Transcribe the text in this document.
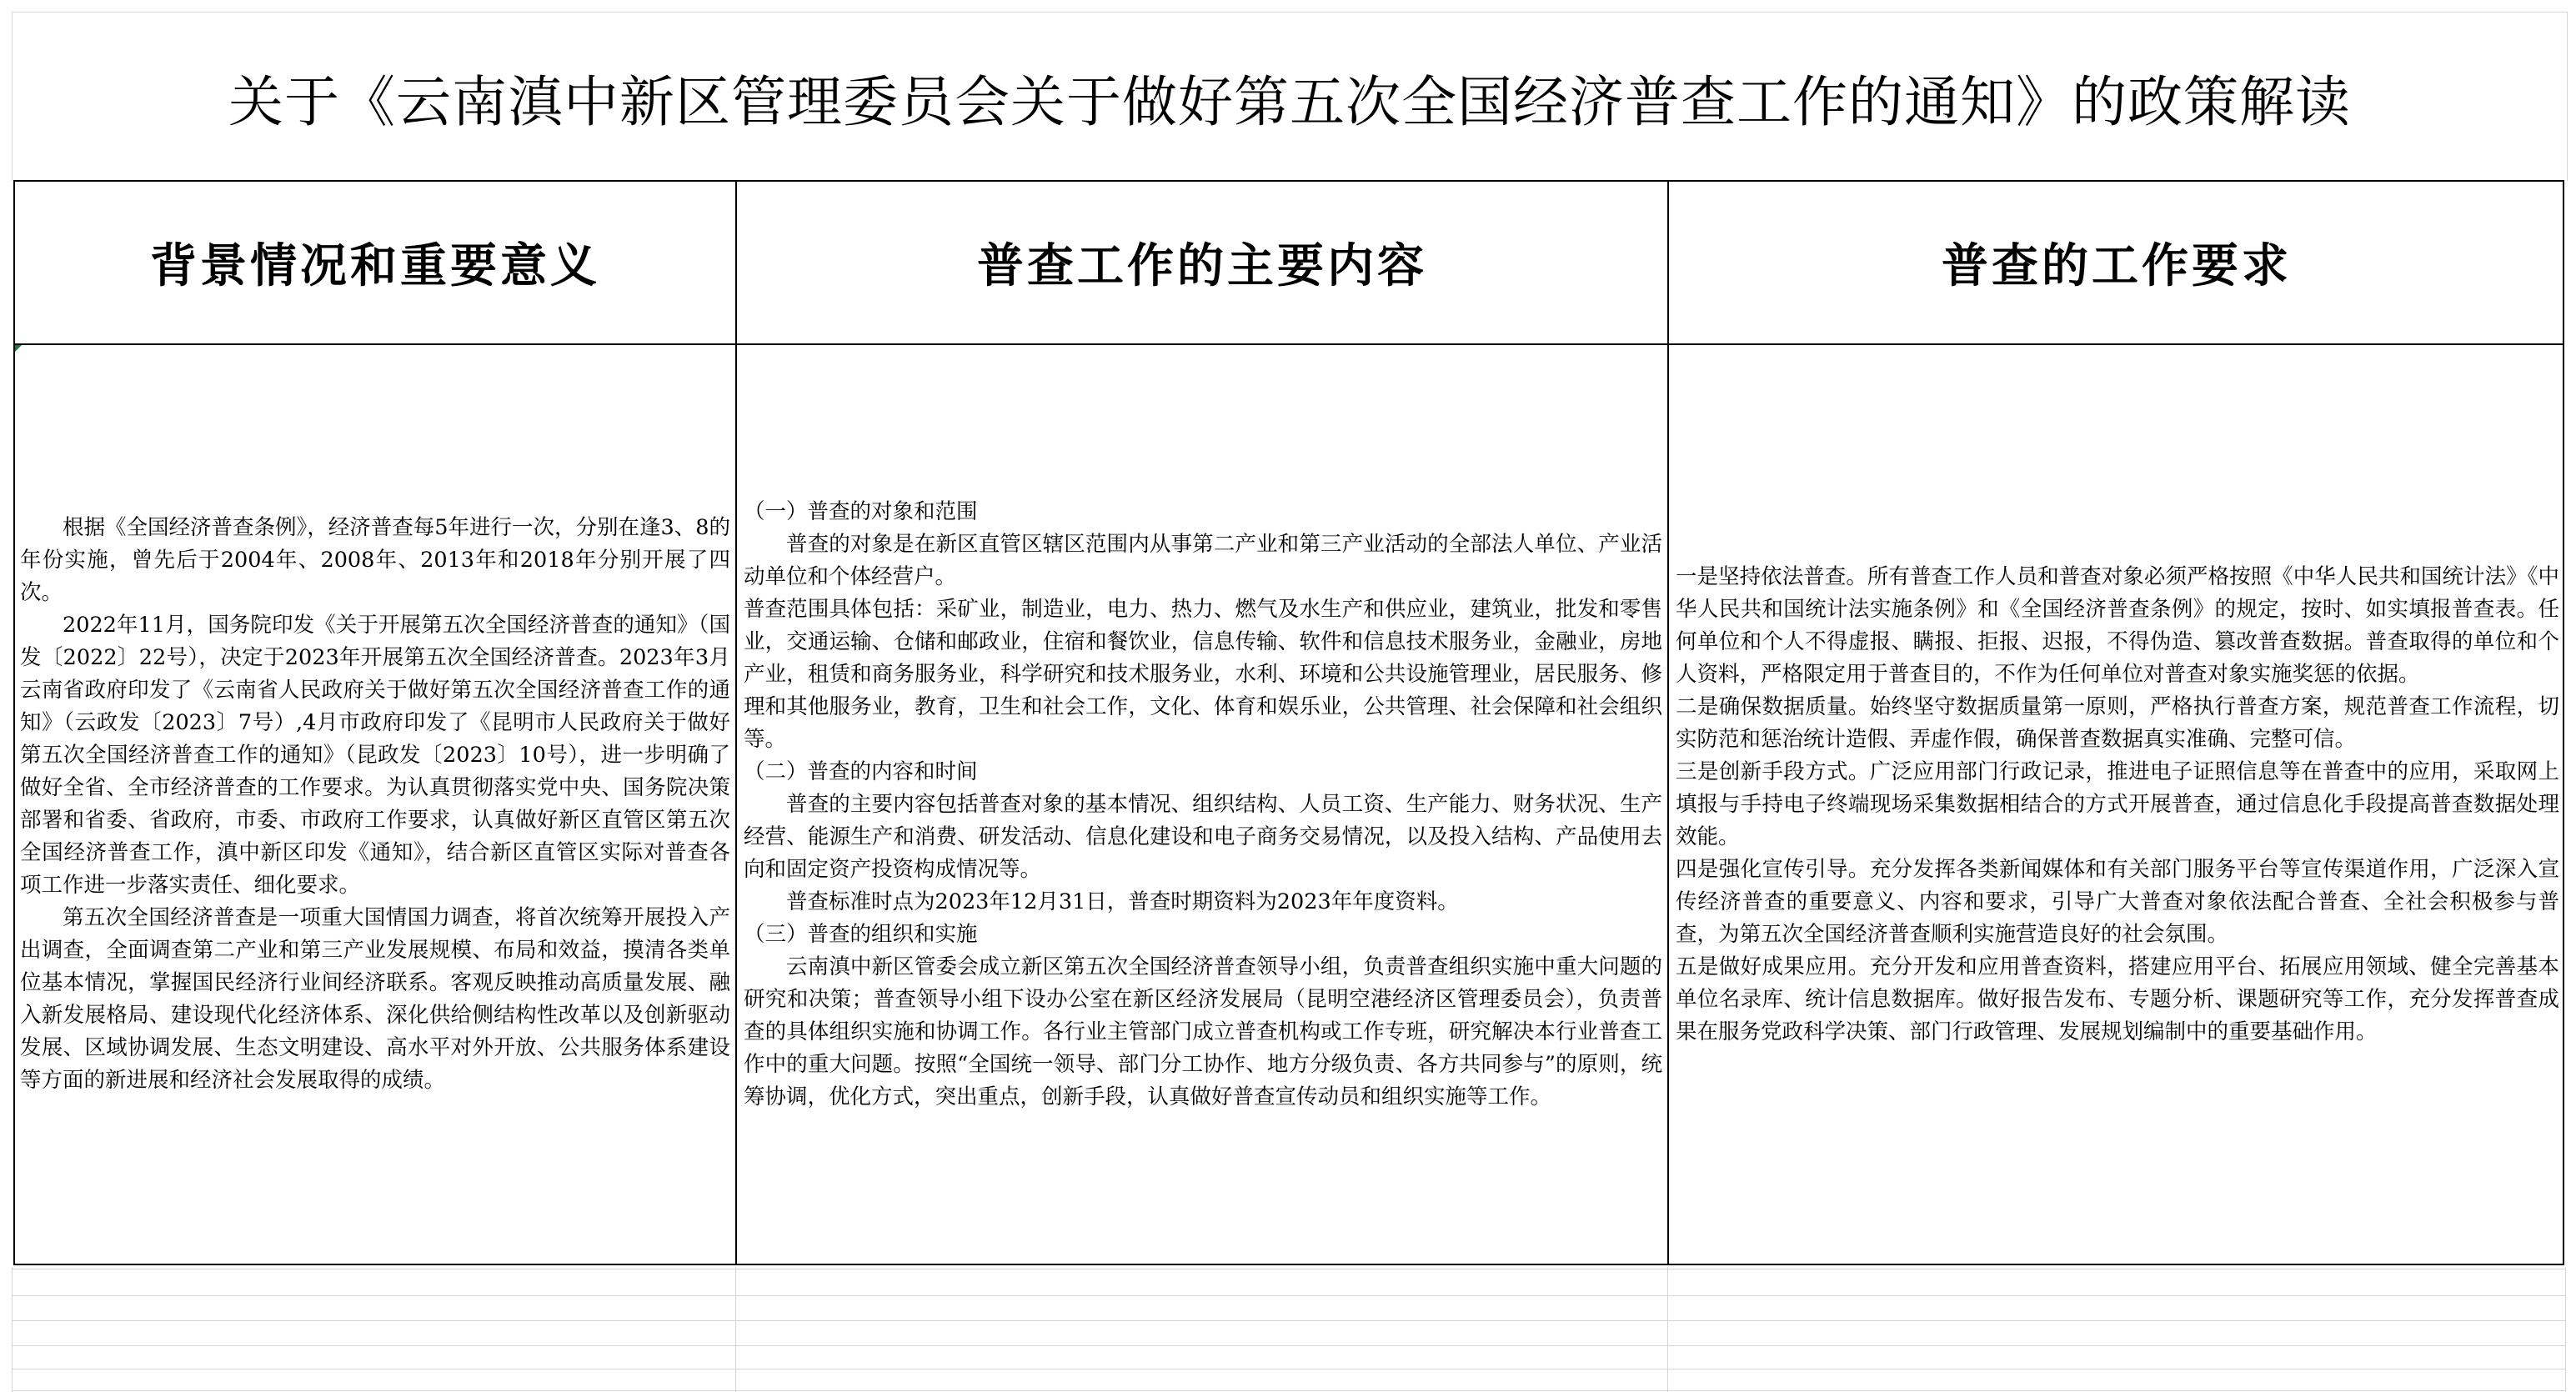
关于《云南滇中新区管理委员会关于做好第五次全国经济普查工作的通知》的政策解读
背景情况和重要意义

根据《全国经济普查条例》，经济普查每5年进行一次，分别在逢3、8的年份实施，曾先后于2004年、2008年、2013年和2018年分别开展了四次。

2022年11月，国务院印发《关于开展第五次全国经济普查的通知》（国发〔2022〕22号），决定于2023年开展第五次全国经济普查。2023年3月云南省政府印发了《云南省人民政府关于做好第五次全国经济普查工作的通知》（云政发〔2023〕7号）,4月市政府印发了《昆明市人民政府关于做好第五次全国经济普查工作的通知》（昆政发〔2023〕10号），进一步明确了做好全省、全市经济普查的工作要求。为认真贯彻落实党中央、国务院决策部署和省委、省政府，市委、市政府工作要求，认真做好新区直管区第五次全国经济普查工作，滇中新区印发《通知》，结合新区直管区实际对普查各项工作进一步落实责任、细化要求。

第五次全国经济普查是一项重大国情国力调查，将首次统筹开展投入产出调查，全面调查第二产业和第三产业发展规模、布局和效益，摸清各类单位基本情况，掌握国民经济行业间经济联系。客观反映推动高质量发展、融入新发展格局、建设现代化经济体系、深化供给侧结构性改革以及创新驱动发展、区域协调发展、生态文明建设、高水平对外开放、公共服务体系建设等方面的新进展和经济社会发展取得的成绩。

普查工作的主要内容

（一）普查的对象和范围

普查的对象是在新区直管区辖区范围内从事第二产业和第三产业活动的全部法人单位、产业活动单位和个体经营户。

普查范围具体包括：采矿业，制造业，电力、热力、燃气及水生产和供应业，建筑业，批发和零售业，交通运输、仓储和邮政业，住宿和餐饮业，信息传输、软件和信息技术服务业，金融业，房地产业，租赁和商务服务业，科学研究和技术服务业，水利、环境和公共设施管理业，居民服务、修理和其他服务业，教育，卫生和社会工作，文化、体育和娱乐业，公共管理、社会保障和社会组织等。

（二）普查的内容和时间

普查的主要内容包括普查对象的基本情况、组织结构、人员工资、生产能力、财务状况、生产经营、能源生产和消费、研发活动、信息化建设和电子商务交易情况，以及投入结构、产品使用去向和固定资产投资构成情况等。

普查标准时点为2023年12月31日，普查时期资料为2023年年度资料。

（三）普查的组织和实施

云南滇中新区管委会成立新区第五次全国经济普查领导小组，负责普查组织实施中重大问题的研究和决策；普查领导小组下设办公室在新区经济发展局（昆明空港经济区管理委员会），负责普查的具体组织实施和协调工作。各行业主管部门成立普查机构或工作专班，研究解决本行业普查工作中的重大问题。按照“全国统一领导、部门分工协作、地方分级负责、各方共同参与”的原则，统筹协调，优化方式，突出重点，创新手段，认真做好普查宣传动员和组织实施等工作。

普查的工作要求

一是坚持依法普查。所有普查工作人员和普查对象必须严格按照《中华人民共和国统计法》《中华人民共和国统计法实施条例》和《全国经济普查条例》的规定，按时、如实填报普查表。任何单位和个人不得虚报、瞒报、拒报、迟报，不得伪造、篡改普查数据。普查取得的单位和个人资料，严格限定用于普查目的，不作为任何单位对普查对象实施奖惩的依据。

二是确保数据质量。始终坚守数据质量第一原则，严格执行普查方案，规范普查工作流程，切实防范和惩治统计造假、弄虚作假，确保普查数据真实准确、完整可信。

三是创新手段方式。广泛应用部门行政记录，推进电子证照信息等在普查中的应用，采取网上填报与手持电子终端现场采集数据相结合的方式开展普查，通过信息化手段提高普查数据处理效能。

四是强化宣传引导。充分发挥各类新闻媒体和有关部门服务平台等宣传渠道作用，广泛深入宣传经济普查的重要意义、内容和要求，引导广大普查对象依法配合普查、全社会积极参与普查，为第五次全国经济普查顺利实施营造良好的社会氛围。

五是做好成果应用。充分开发和应用普查资料，搭建应用平台、拓展应用领域、健全完善基本单位名录库、统计信息数据库。做好报告发布、专题分析、课题研究等工作，充分发挥普查成果在服务党政科学决策、部门行政管理、发展规划编制中的重要基础作用。
